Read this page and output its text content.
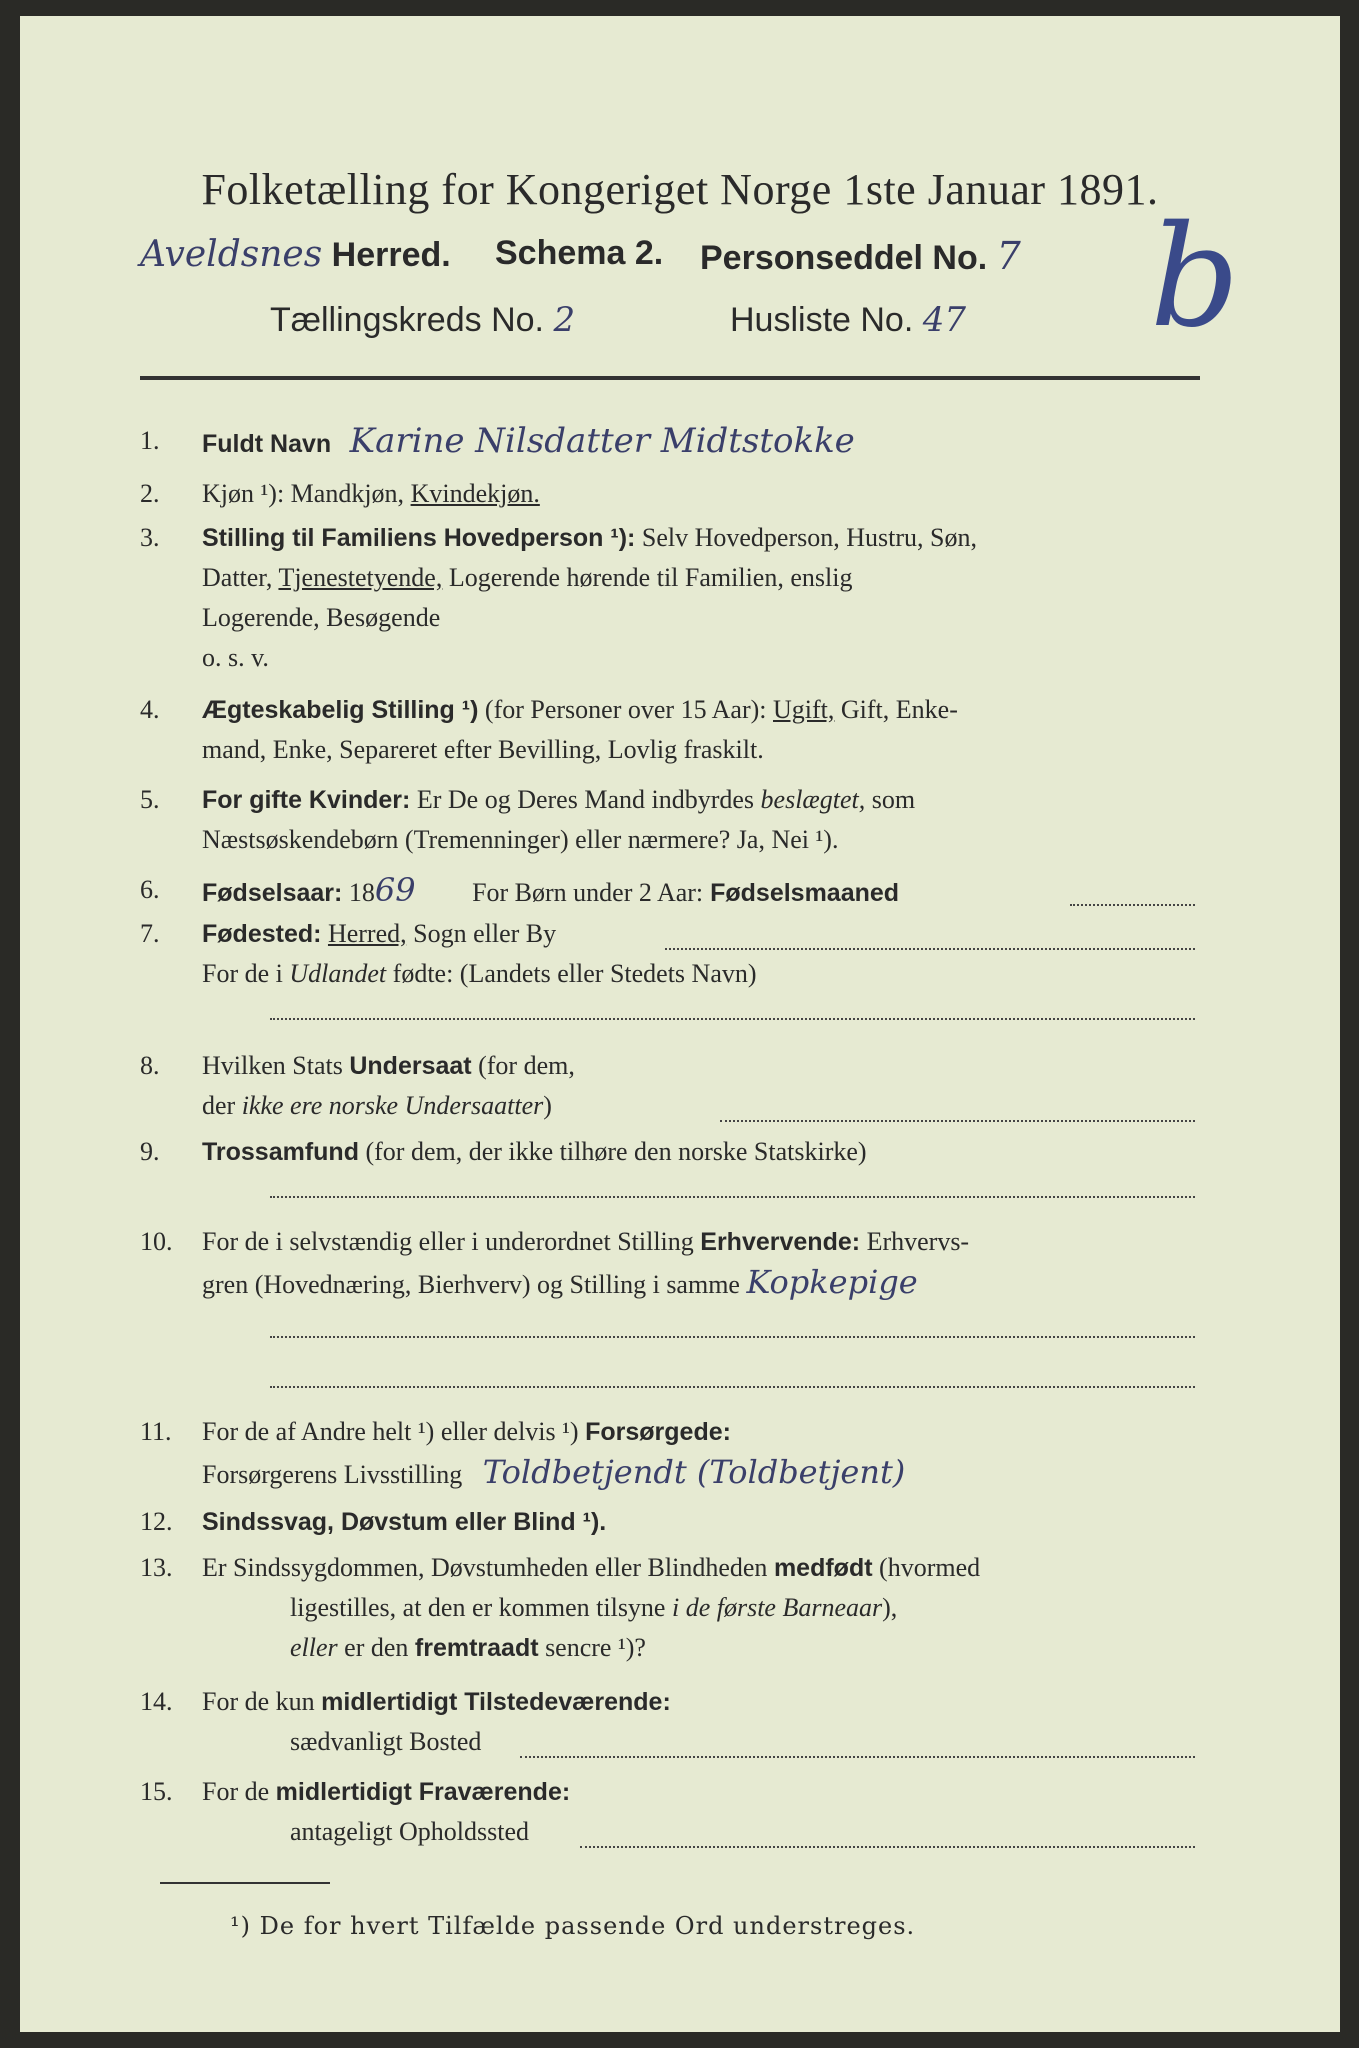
Folketælling for Kongeriget Norge 1ste Januar 1891.
Aveldsnes Herred. Schema 2. Personseddel No. 7 b
Tællingskreds No. 2	Husliste No. 47
1.	Fuldt Navn Karine Nilsdatter Midtstokke
2.	Kjøn ¹): Mandkjøn, Kvindekjøn.
3.	Stilling til Familiens Hovedperson ¹): Selv Hovedperson, Hustru, Søn,
Datter, Tjenestetyende, Logerende hørende til Familien, enslig
Logerende, Besøgende
o. s. v.
4.	Ægteskabelig Stilling ¹) (for Personer over 15 Aar): Ugift, Gift, Enke-
mand, Enke, Separeret efter Bevilling, Lovlig fraskilt.
5.	For gifte Kvinder: Er De og Deres Mand indbyrdes beslægtet, som
Næstsøskendebørn (Tremenninger) eller nærmere? Ja, Nei ¹).
6.	Fødselsaar: 1869 For Børn under 2 Aar: Fødselsmaaned
7.	Fødested: Herred, Sogn eller By
For de i Udlandet fødte: (Landets eller Stedets Navn)
8.	Hvilken Stats Undersaat (for dem,
der ikke ere norske Undersaatter)
9.	Trossamfund (for dem, der ikke tilhøre den norske Statskirke)
10.	For de i selvstændig eller i underordnet Stilling Erhvervende: Erhvervs-
gren (Hovednæring, Bierhverv) og Stilling i samme Kopkepige
11.	For de af Andre helt ¹) eller delvis ¹) Forsørgede:
Forsørgerens Livsstilling Toldbetjendt (Toldbetjent)
12.	Sindssvag, Døvstum eller Blind ¹).
13.	Er Sindssygdommen, Døvstumheden eller Blindheden medfødt (hvormed
ligestilles, at den er kommen tilsyne i de første Barneaar),
eller er den fremtraadt sencre ¹)?
14.	For de kun midlertidigt Tilstedeværende:
sædvanligt Bosted
15.	For de midlertidigt Fraværende:
antageligt Opholdssted
¹) De for hvert Tilfælde passende Ord understreges.
